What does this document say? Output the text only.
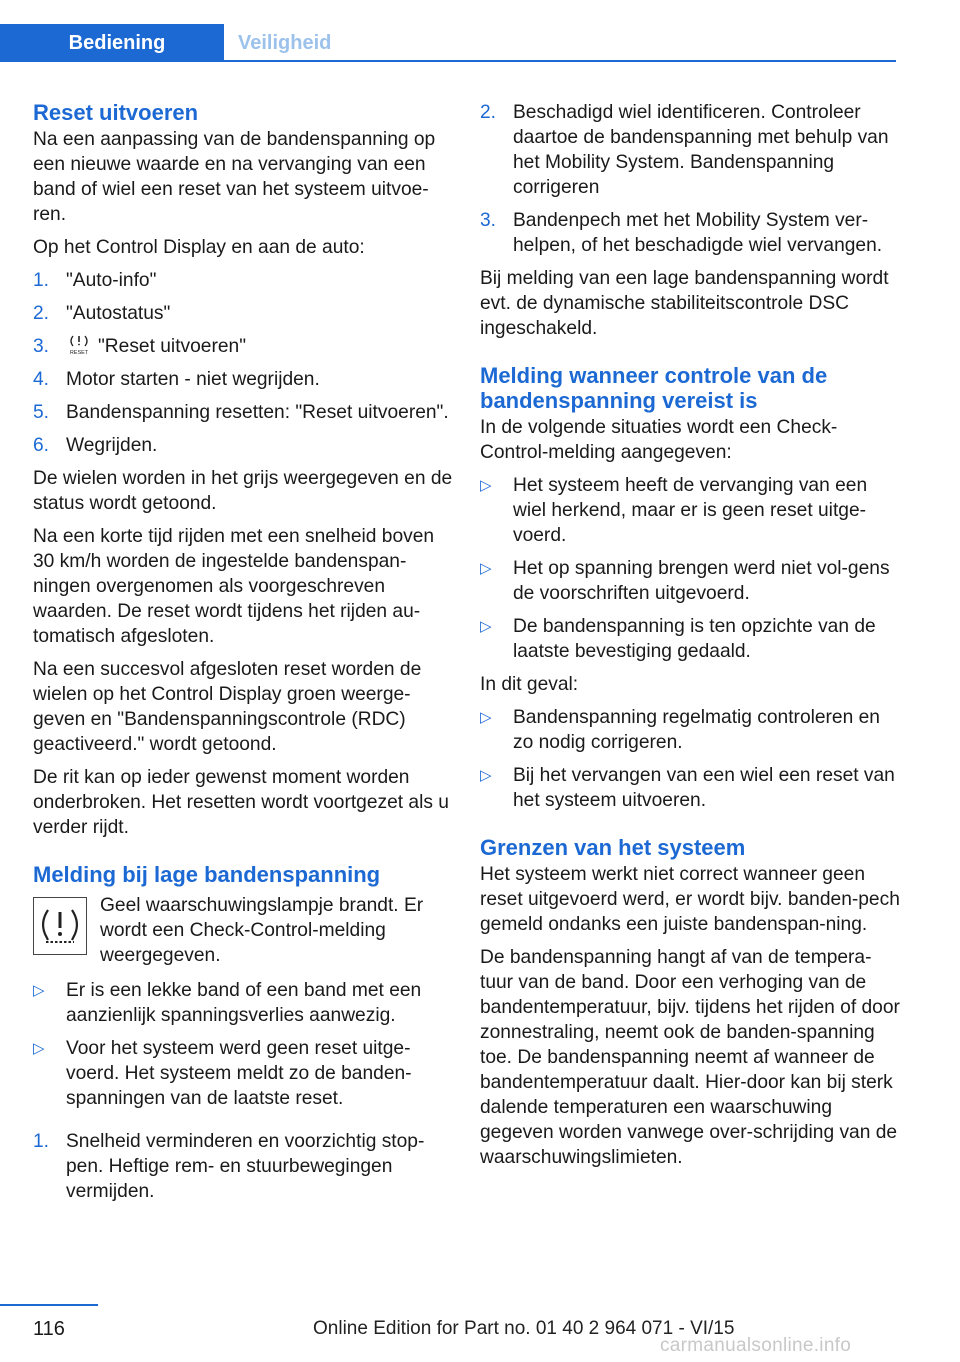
Bediening	Veiligheid
Reset uitvoeren

Na een aanpassing van de bandenspanning op een nieuwe waarde en na vervanging van een band of wiel een reset van het systeem uitvoe-ren.

Op het Control Display en aan de auto:

1. "Auto-info"
2. "Autostatus"
3.	RESET "Reset uitvoeren"
4. Motor starten - niet wegrijden.
5. Bandenspanning resetten: "Reset uitvoeren".
6. Wegrijden.

De wielen worden in het grijs weergegeven en de status wordt getoond.

Na een korte tijd rijden met een snelheid boven 30 km/h worden de ingestelde bandenspan-ningen overgenomen als voorgeschreven waarden. De reset wordt tijdens het rijden au-tomatisch afgesloten.

Na een succesvol afgesloten reset worden de wielen op het Control Display groen weerge-geven en "Bandenspanningscontrole (RDC) geactiveerd." wordt getoond.

De rit kan op ieder gewenst moment worden onderbroken. Het resetten wordt voortgezet als u verder rijdt.

Melding bij lage bandenspanning
Geel waarschuwingslampje brandt. Er wordt een Check-Control-melding weergegeven.
▷	Er is een lekke band of een band met een aanzienlijk spanningsverlies aanwezig.
▷	Voor het systeem werd geen reset uitge-voerd. Het systeem meldt zo de banden-spanningen van de laatste reset.
1. Snelheid verminderen en voorzichtig stop-pen. Heftige rem- en stuurbewegingen vermijden.
2. Beschadigd wiel identificeren. Controleer daartoe de bandenspanning met behulp van het Mobility System. Bandenspanning corrigeren
3. Bandenpech met het Mobility System ver-helpen, of het beschadigde wiel vervangen.

Bij melding van een lage bandenspanning wordt evt. de dynamische stabiliteitscontrole DSC ingeschakeld.

Melding wanneer controle van de bandenspanning vereist is

In de volgende situaties wordt een Check-Control-melding aangegeven:

▷	Het systeem heeft de vervanging van een wiel herkend, maar er is geen reset uitge-voerd.
▷	Het op spanning brengen werd niet vol-gens de voorschriften uitgevoerd.
▷	De bandenspanning is ten opzichte van de laatste bevestiging gedaald.

In dit geval:

▷	Bandenspanning regelmatig controleren en zo nodig corrigeren.
▷	Bij het vervangen van een wiel een reset van het systeem uitvoeren.
Grenzen van het systeem

Het systeem werkt niet correct wanneer geen reset uitgevoerd werd, er wordt bijv. banden-pech gemeld ondanks een juiste bandenspan-ning.

De bandenspanning hangt af van de tempera-tuur van de band. Door een verhoging van de bandentemperatuur, bijv. tijdens het rijden of door zonnestraling, neemt ook de banden-spanning toe. De bandenspanning neemt af wanneer de bandentemperatuur daalt. Hier-door kan bij sterk dalende temperaturen een waarschuwing gegeven worden vanwege over-schrijding van de waarschuwingslimieten.

116	Online Edition for Part no. 01 40 2 964 071 - VI/15
carmanualsonline.info
